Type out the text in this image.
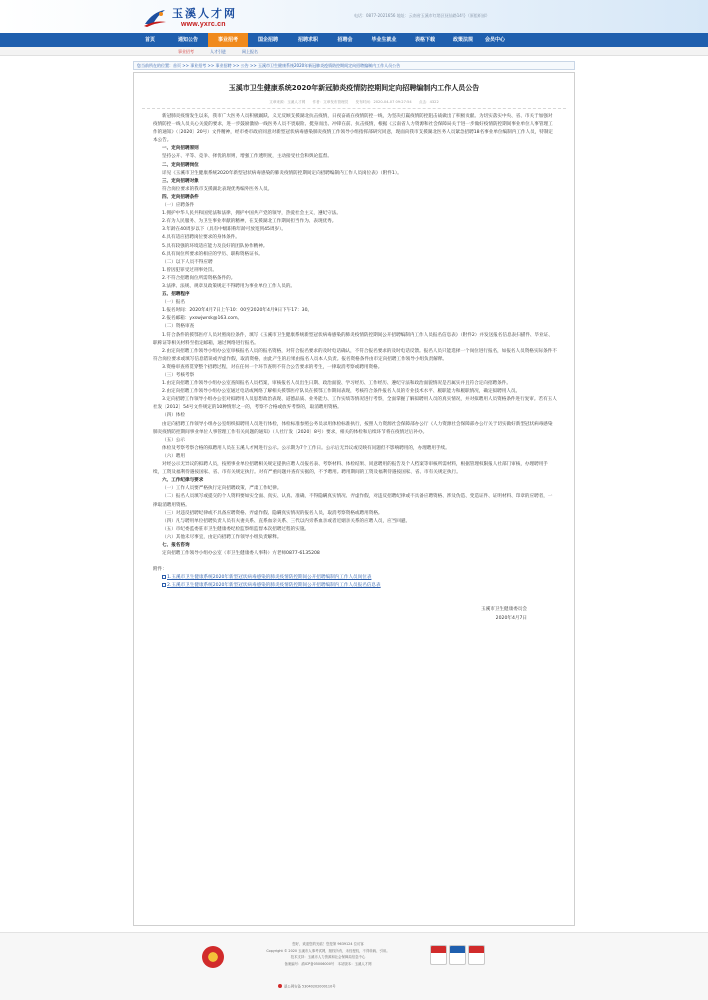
玉溪人才网
www.yxrc.cn
电话：0877-2021656 地址：云南省玉溪市红塔区抚仙路14号（原组织部）
首页	通知公告	事业招考	国企招聘	招聘求职	招聘会	毕业生就业	表格下载	政策法规	会员中心
事业招考	人才引进	网上报名
您当前所在的位置：首页 >> 事业招考 >> 事业招聘 >> 公告 >> 玉溪市卫生健康系统2020年新冠肺炎疫情防控期间定向招聘编制内工作人员公告
玉溪市卫生健康系统2020年新冠肺炎疫情防控期间定向招聘编制内工作人员公告
文章来源：玉溪人才网　　作者：文章发布管理员　　发布时间：2020-04-07 09:27:54　　点击：4322

新冠肺炎疫情发生以来，我市广大医务人员积极踊跃、义无反顾支援湖北抗击疫情，日夜奋战在疫情防控一线，为坚决打赢疫情防控阻击战做出了积极贡献。为切实落实中央、省、市关于加强对疫情防控一线人员关心关爱的要求，进一步鼓励激励一线医务人员不畏艰险、挺身而出、冲锋在前、抗击疫情，根据《云南省人力资源和社会保障局关于进一步做好疫情防控期间事业单位人事管理工作的通知》（〔2020〕20号）文件精神，经市委市政府同意对新型冠状病毒感染肺炎疫情工作领导小组指挥部研究同意，现面向我市支援湖北医务人员紧急招聘18名事业单位编制内工作人员，特制定本公告。

一、定向招聘原则

坚持公开、平等、竞争、择优的原则，增强工作透明度，主动接受社会和舆论监督。

二、定向招聘岗位

详见《玉溪市卫生健康系统2020年新型冠状病毒感染的肺炎疫情防控期间定向招聘编制内工作人员岗位表》（附件1）。

三、定向招聘对象

符合岗位要求的我市支援湖北表现优秀编外医务人员。

四、定向招聘条件

（一）应聘条件

1.拥护中华人民共和国宪法和法律，拥护中国共产党的领导，热爱社会主义，遵纪守法。

2.有为人民服务、为卫生事业奉献的精神，在支援湖北工作期间担当作为、表现优秀。

3.年龄在40周岁以下（具有中级职称年龄可放宽到45周岁）。

4.具有适应招聘岗位要求的身体条件。

5.具有较强的环境适应能力及良好的团队协作精神。

6.具有岗位所要求的相应的学历、职称资格证书。

（二）以下人员不得应聘

1.曾因犯罪受过刑事处罚。

2.不符合招聘岗位所需资格条件的。

3.法律、法规、规章及政策规定不得聘用为事业单位工作人员的。

五、招聘程序

（一）报名

1.报名时间：2020年4月7日上午10：00至2020年4月9日下午17：30。

2.报名邮箱：yxswjwrsk@163.com。

（二）资格审查

1.符合条件的援鄂医疗人员对照岗位条件，填写《玉溪市卫生健康系统新型冠状病毒感染的肺炎疫情防控期间公开招聘编制内工作人员报名信息表》（附件2）并发送报名信息表扫描件、毕业证、职称证等相关材料至指定邮箱，通过网络进行报名。

2.由定向招聘工作领导小组办公室审核报名人员的报名资格，对符合报名要求的及时电话确认，不符合报名要求的及时电话反馈。报名人员只能选择一个岗位进行报名，如报名人员资格实际条件不符合岗位要求或填写信息错误或弄虚作假，取消资格，由此产生的后果由报名人员本人负责。报名资格条件由市定向招聘工作领导小组负责解释。

3.资格审查将贯穿整个招聘过程，对在任何一个环节查明不符合公告要求的考生，一律取消考察或聘用资格。

（三）考核考察

1.由定向招聘工作领导小组办公室查阅报名人员档案，审核报名人员出生日期、政治面貌、学习经历、工作经历、遵纪守法和政治面貌情况是否属实并且符合定向招聘条件。

2.由定向招聘工作领导小组办公室通过电话或网络了解相关援鄂医疗队员在援鄂工作期间表现，考核符合条件报名人员的专业技术水平、履职能力和履职情况，确定拟聘用人员。

3.定向招聘工作领导小组办公室对拟聘用人员思想政治表现、道德品质、业务能力、工作实绩等情况进行考察，全面掌握了解拟聘用人员的真实情况，并对拟聘用人员资格条件进行复审。若有玉人社发〔2012〕54号文件规定的10种情形之一的，考察不合格或放弃考察的，取消聘用资格。

（四）体检

由定向招聘工作领导小组办公室组织拟聘用人员进行体检，体检标准参照公务员录用体检标准执行，按照人力资源社会保障部办公厅《人力资源社会保障部办公厅关于切实做好新型冠状病毒感染肺炎疫情防控期间事业单位人事管理工作有关问题的通知》（人社厅发〔2020〕8号）要求，相关的体检和后续环节将在疫情过后补办。

（五）公示

体检及考察考察合格的拟聘用人员在玉溪人才网进行公示。公示期为7个工作日。公示后无异议或反映有问题但不影响聘用的，办理聘用手续。

（六）聘用

对经公示无异议的拟聘人员，按照事业单位招聘相关规定提供应聘人员报名表、考察材料、体检结果、同意聘用的报告及个人档案等审核所需材料，根据管理权限报人社部门审核，办理聘用手续，工资及福利待遇按国家、省、市有关规定执行。对有严重问题并查有实据的，不予聘用。聘用期间的工资及福利待遇按国家、省、市有关规定执行。

六、工作纪律与要求

（一）工作人员要严格执行定向招聘政策，严肃工作纪律。

（二）报名人员填写或提交的个人资料要如实全面、真实、认真、准确，不得隐瞒真实情况、弄虚作假，对违反招聘纪律或不具备应聘资格、涉及伪造、变造证件、证明材料、印章的应聘者，一律取消聘用资格。

（三）对违反招聘纪律或不具备应聘资格、弄虚作假、隐瞒真实情况的报名人员，取消考察资格或聘用资格。

（四）凡与聘用单位招聘负责人员有夫妻关系、直系血亲关系、三代以内旁系血亲或者近姻亲关系的应聘人员，应当回避。

（五）市纪委监委驻市卫生健康委纪检监察组监督本次招聘过程的实施。

（六）其他未尽事宜，由定向招聘工作领导小组负责解释。

七、报名咨询

定向招聘工作领导小组办公室（市卫生健康委人事科）方老师0877-6135208

附件：

1.玉溪市卫生健康系统2020年新型冠状病毒感染的肺炎疫情防控期间公开招聘编制内工作人员岗位表

2.玉溪市卫生健康系统2020年新型冠状病毒感染的肺炎疫情防控期间公开招聘编制内工作人员报名信息表

玉溪市卫生健康委员会

2020年4月7日

您好，欢迎您的光临！您是第 9639124 位访客
Copyright © 2020 玉溪市人事考试网，版权所有，未经授权，不得转载、引用。
技术支持：玉溪市人力资源和社会保障局信息中心
备案编号：滇ICP备05006000号　本站版本：玉溪人才网
滇公网安备 53040202000110号
